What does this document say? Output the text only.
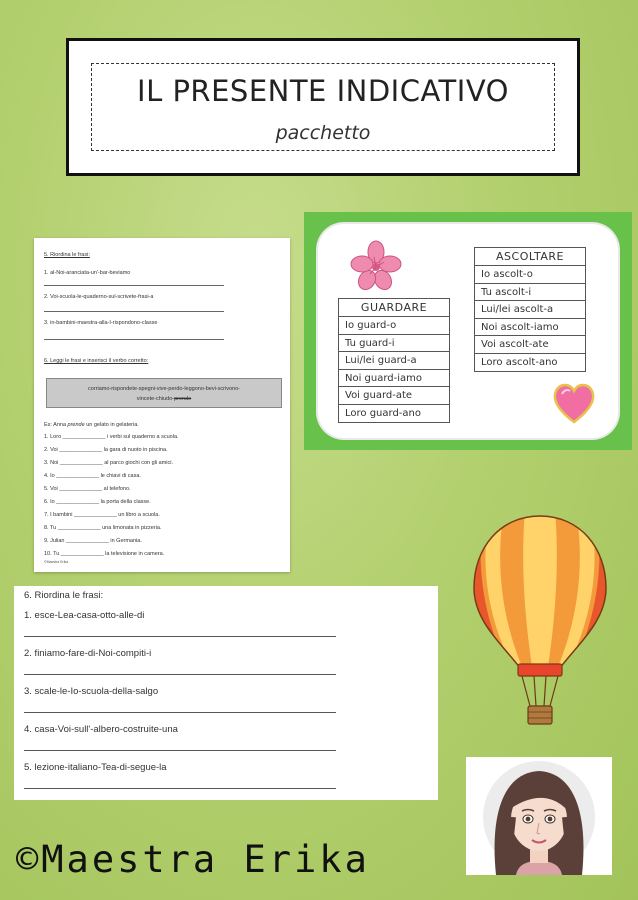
IL PRESENTE INDICATIVO
pacchetto
5. Riordina le frasi:
1. al-Noi-aranciata-un'-bar-beviamo
2. Voi-scuola-le-quaderno-sul-scrivete-frasi-a
3. in-bambini-maestra-alla-I-rispondono-classe
6. Leggi le frasi e inserisci il verbo corretto:
corriamo-rispondete-spegni-vive-perdo-leggono-bevi-scrivono-
vincete-chiudo-prende
Es: Anna prende un gelato in gelateria.
1. Loro ______________ i verbi sul quaderno a scuola.
2. Voi ______________ la gara di nuoto in piscina.
3. Noi ______________ al parco giochi con gli amici.
4. Io ______________ le chiavi di casa.
5. Voi ______________ al telefono.
6. Io ______________ la porta della classe.
7. I bambini ______________ un libro a scuola.
8. Tu ______________ una limonata in pizzeria.
9. Julian ______________ in Germania.
10. Tu ______________ la televisione in camera.
©Maestra Erika
GUARDARE
Io guard-o
Tu guard-i
Lui/lei guard-a
Noi guard-iamo
Voi guard-ate
Loro guard-ano
ASCOLTARE
Io ascolt-o
Tu ascolt-i
Lui/lei ascolt-a
Noi ascolt-iamo
Voi ascolt-ate
Loro ascolt-ano
6. Riordina le frasi:
1. esce-Lea-casa-otto-alle-di
2. finiamo-fare-di-Noi-compiti-i
3. scale-le-Io-scuola-della-salgo
4. casa-Voi-sull'-albero-costruite-una
5. lezione-italiano-Tea-di-segue-la
©Maestra Erika
